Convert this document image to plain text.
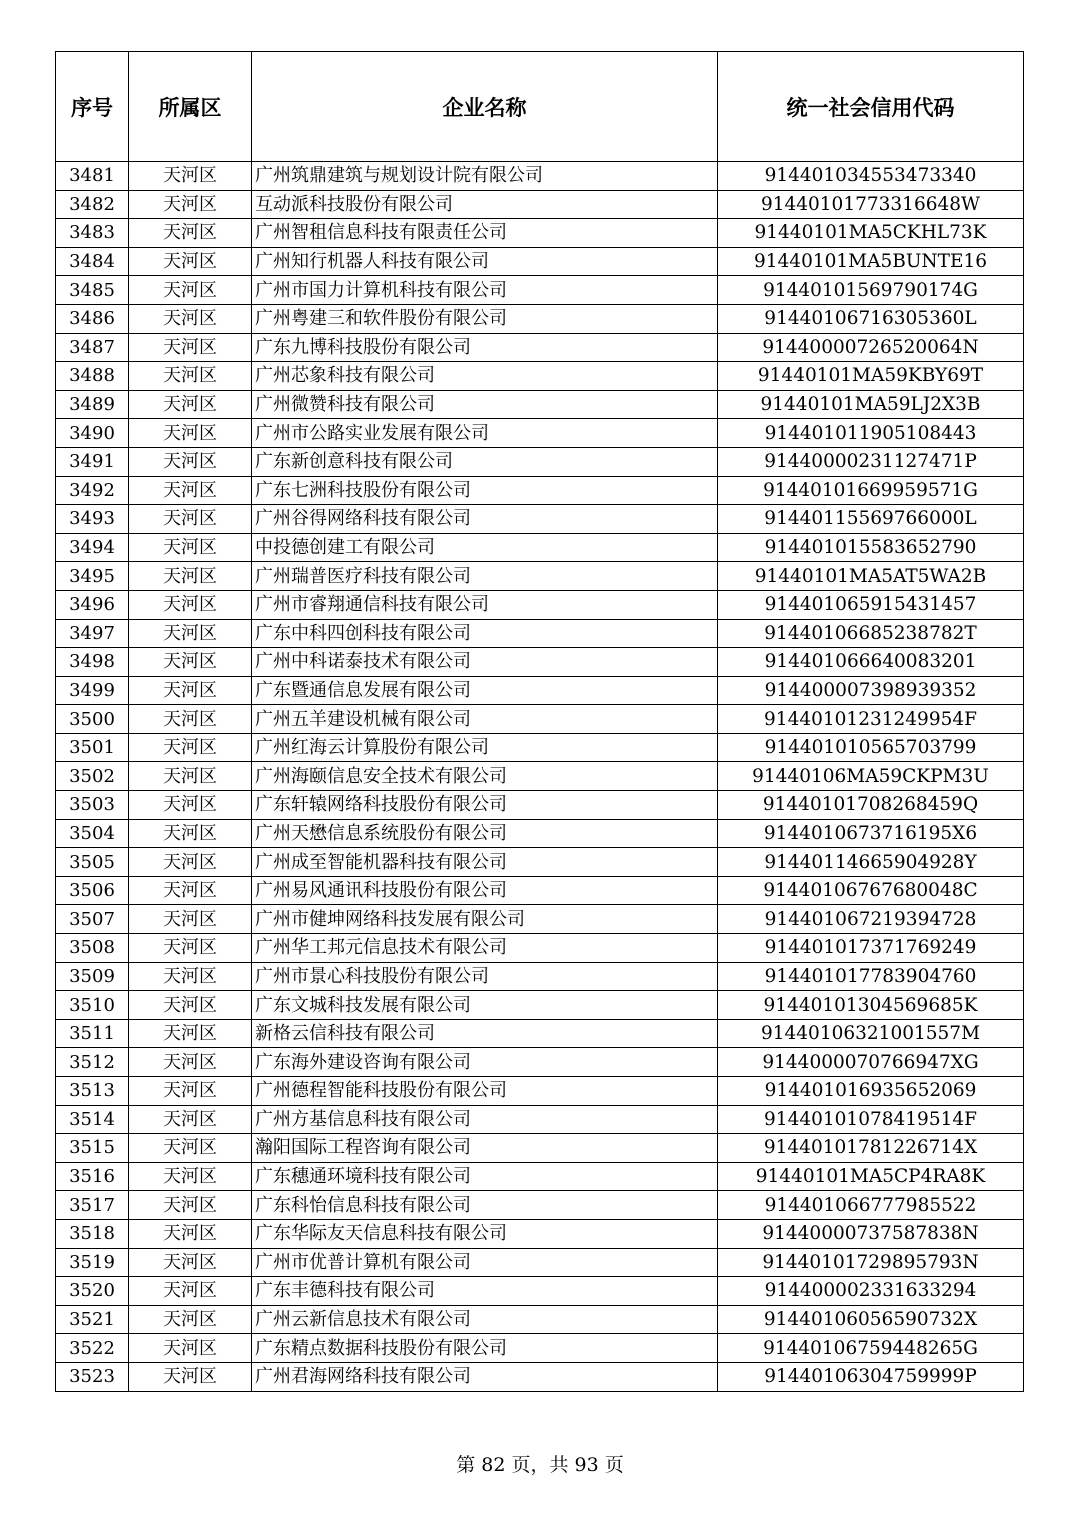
序号	所属区	企业名称	统一社会信用代码
3481	天河区	广州筑鼎建筑与规划设计院有限公司	914401034553473340
3482	天河区	互动派科技股份有限公司	91440101773316648W
3483	天河区	广州智租信息科技有限责任公司	91440101MA5CKHL73K
3484	天河区	广州知行机器人科技有限公司	91440101MA5BUNTE16
3485	天河区	广州市国力计算机科技有限公司	91440101569790174G
3486	天河区	广州粤建三和软件股份有限公司	91440106716305360L
3487	天河区	广东九博科技股份有限公司	91440000726520064N
3488	天河区	广州芯象科技有限公司	91440101MA59KBY69T
3489	天河区	广州微赞科技有限公司	91440101MA59LJ2X3B
3490	天河区	广州市公路实业发展有限公司	914401011905108443
3491	天河区	广东新创意科技有限公司	91440000231127471P
3492	天河区	广东七洲科技股份有限公司	91440101669959571G
3493	天河区	广州谷得网络科技有限公司	91440115569766000L
3494	天河区	中投德创建工有限公司	914401015583652790
3495	天河区	广州瑞普医疗科技有限公司	91440101MA5AT5WA2B
3496	天河区	广州市睿翔通信科技有限公司	914401065915431457
3497	天河区	广东中科四创科技有限公司	91440106685238782T
3498	天河区	广州中科诺泰技术有限公司	914401066640083201
3499	天河区	广东暨通信息发展有限公司	914400007398939352
3500	天河区	广州五羊建设机械有限公司	91440101231249954F
3501	天河区	广州红海云计算股份有限公司	914401010565703799
3502	天河区	广州海颐信息安全技术有限公司	91440106MA59CKPM3U
3503	天河区	广东轩辕网络科技股份有限公司	91440101708268459Q
3504	天河区	广州天懋信息系统股份有限公司	9144010673716195X6
3505	天河区	广州成至智能机器科技有限公司	91440114665904928Y
3506	天河区	广州易风通讯科技股份有限公司	91440106767680048C
3507	天河区	广州市健坤网络科技发展有限公司	914401067219394728
3508	天河区	广州华工邦元信息技术有限公司	914401017371769249
3509	天河区	广州市景心科技股份有限公司	914401017783904760
3510	天河区	广东文城科技发展有限公司	91440101304569685K
3511	天河区	新格云信科技有限公司	91440106321001557M
3512	天河区	广东海外建设咨询有限公司	9144000070766947XG
3513	天河区	广州德程智能科技股份有限公司	914401016935652069
3514	天河区	广州方基信息科技有限公司	91440101078419514F
3515	天河区	瀚阳国际工程咨询有限公司	91440101781226714X
3516	天河区	广东穗通环境科技有限公司	91440101MA5CP4RA8K
3517	天河区	广东科怡信息科技有限公司	914401066777985522
3518	天河区	广东华际友天信息科技有限公司	91440000737587838N
3519	天河区	广州市优普计算机有限公司	91440101729895793N
3520	天河区	广东丰德科技有限公司	914400002331633294
3521	天河区	广州云新信息技术有限公司	91440106056590732X
3522	天河区	广东精点数据科技股份有限公司	91440106759448265G
3523	天河区	广州君海网络科技有限公司	91440106304759999P
第 82 页，共 93 页
